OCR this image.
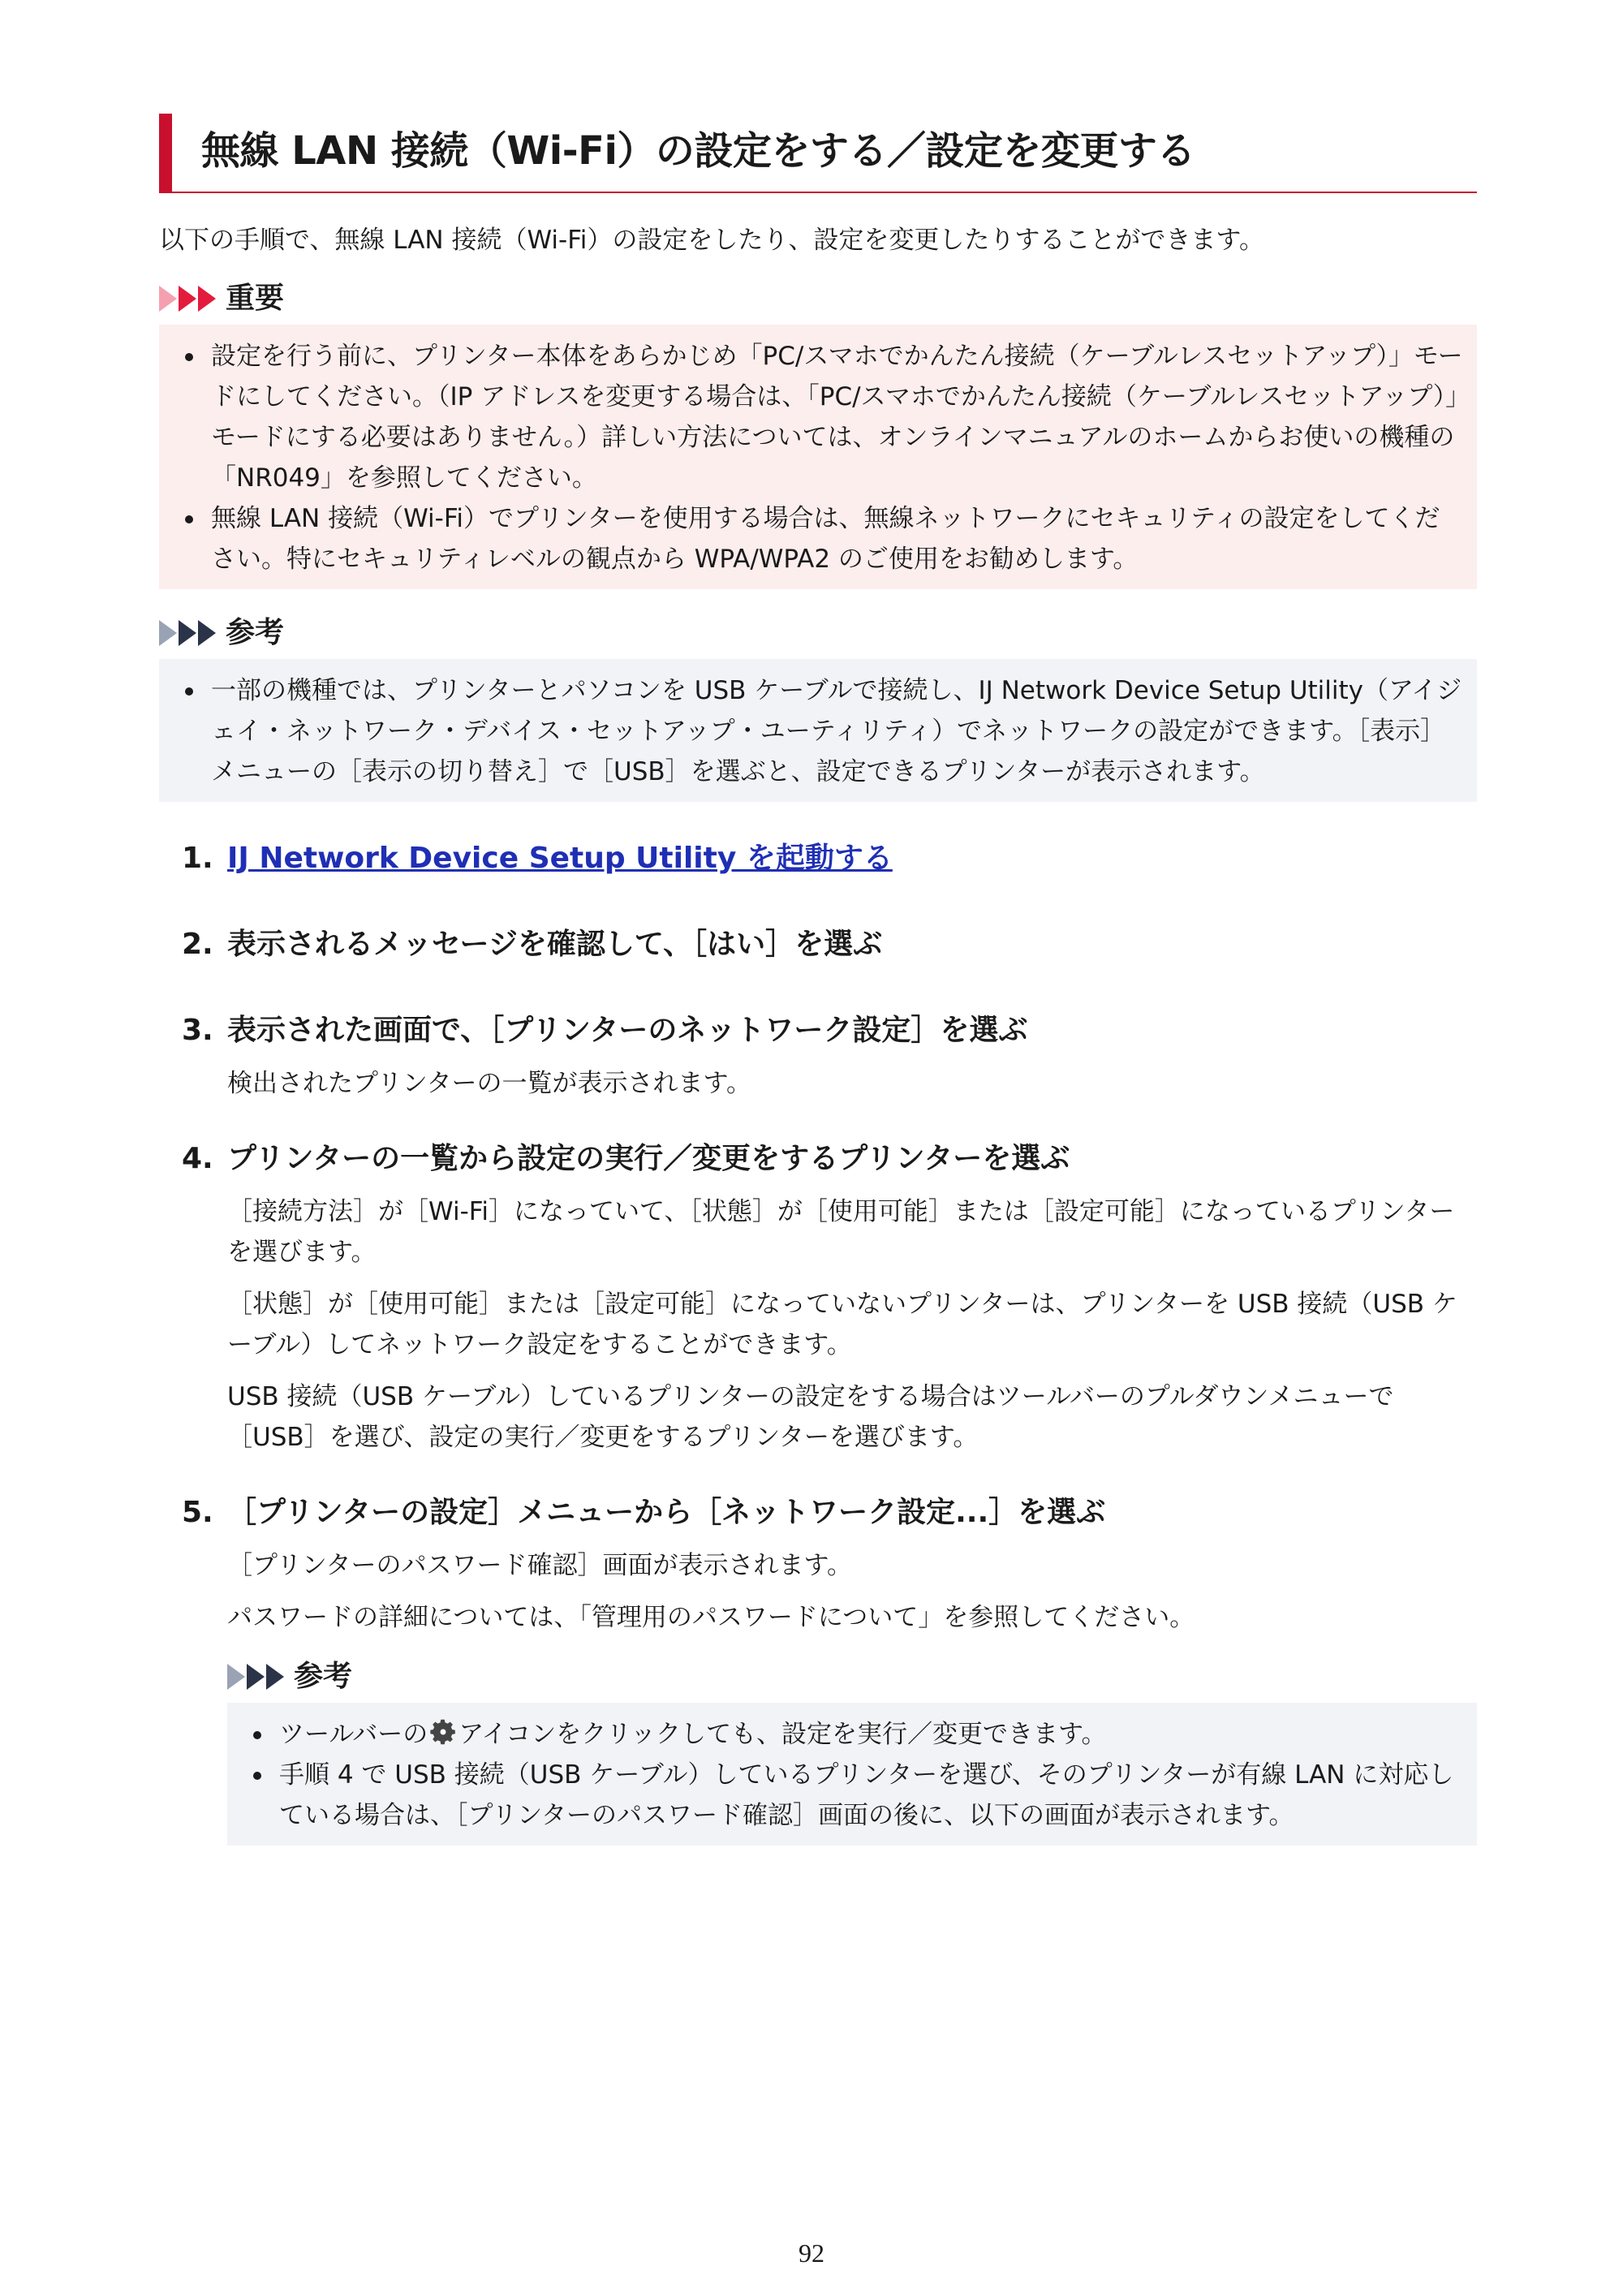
無線 LAN 接続（Wi-Fi）の設定をする／設定を変更する

以下の手順で、無線 LAN 接続（Wi-Fi）の設定をしたり、設定を変更したりすることができます。

重要
設定を行う前に、プリンター本体をあらかじめ「PC/スマホでかんたん接続（ケーブルレスセットアップ）」モードにしてください。（IP アドレスを変更する場合は、「PC/スマホでかんたん接続（ケーブルレスセットアップ）」モードにする必要はありません。）詳しい方法については、オンラインマニュアルのホームからお使いの機種の「NR049」を参照してください。
無線 LAN 接続（Wi-Fi）でプリンターを使用する場合は、無線ネットワークにセキュリティの設定をしてください。特にセキュリティレベルの観点から WPA/WPA2 のご使用をお勧めします。
参考
一部の機種では、プリンターとパソコンを USB ケーブルで接続し、IJ Network Device Setup Utility（アイジェイ・ネットワーク・デバイス・セットアップ・ユーティリティ）でネットワークの設定ができます。［表示］メニューの［表示の切り替え］で［USB］を選ぶと、設定できるプリンターが表示されます。
1. IJ Network Device Setup Utility を起動する
2. 表示されるメッセージを確認して、［はい］を選ぶ
3. 表示された画面で、［プリンターのネットワーク設定］を選ぶ

検出されたプリンターの一覧が表示されます。

4. プリンターの一覧から設定の実行／変更をするプリンターを選ぶ

［接続方法］が［Wi-Fi］になっていて、［状態］が［使用可能］または［設定可能］になっているプリンターを選びます。

［状態］が［使用可能］または［設定可能］になっていないプリンターは、プリンターを USB 接続（USB ケーブル）してネットワーク設定をすることができます。

USB 接続（USB ケーブル）しているプリンターの設定をする場合はツールバーのプルダウンメニューで［USB］を選び、設定の実行／変更をするプリンターを選びます。

5. ［プリンターの設定］メニューから［ネットワーク設定...］を選ぶ

［プリンターのパスワード確認］画面が表示されます。

パスワードの詳細については、「管理用のパスワードについて」を参照してください。

参考
ツールバーの アイコンをクリックしても、設定を実行／変更できます。
手順 4 で USB 接続（USB ケーブル）しているプリンターを選び、そのプリンターが有線 LAN に対応している場合は、［プリンターのパスワード確認］画面の後に、以下の画面が表示されます。
92
